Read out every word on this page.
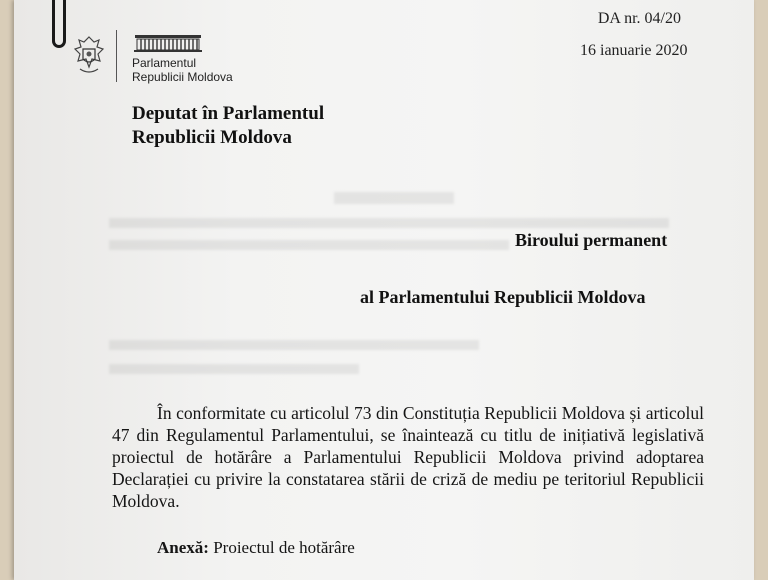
Parlamentul
Republicii Moldova
DA nr. 04/20
16 ianuarie 2020
Deputat în Parlamentul
Republicii Moldova
Biroului permanent
al Parlamentului Republicii Moldova
În conformitate cu articolul 73 din Constituția Republicii Moldova și articolul 47 din Regulamentul Parlamentului, se înaintează cu titlu de inițiativă legislativă proiectul de hotărâre a Parlamentului Republicii Moldova privind adoptarea Declarației cu privire la constatarea stării de criză de mediu pe teritoriul Republicii Moldova.
Anexă: Proiectul de hotărâre
